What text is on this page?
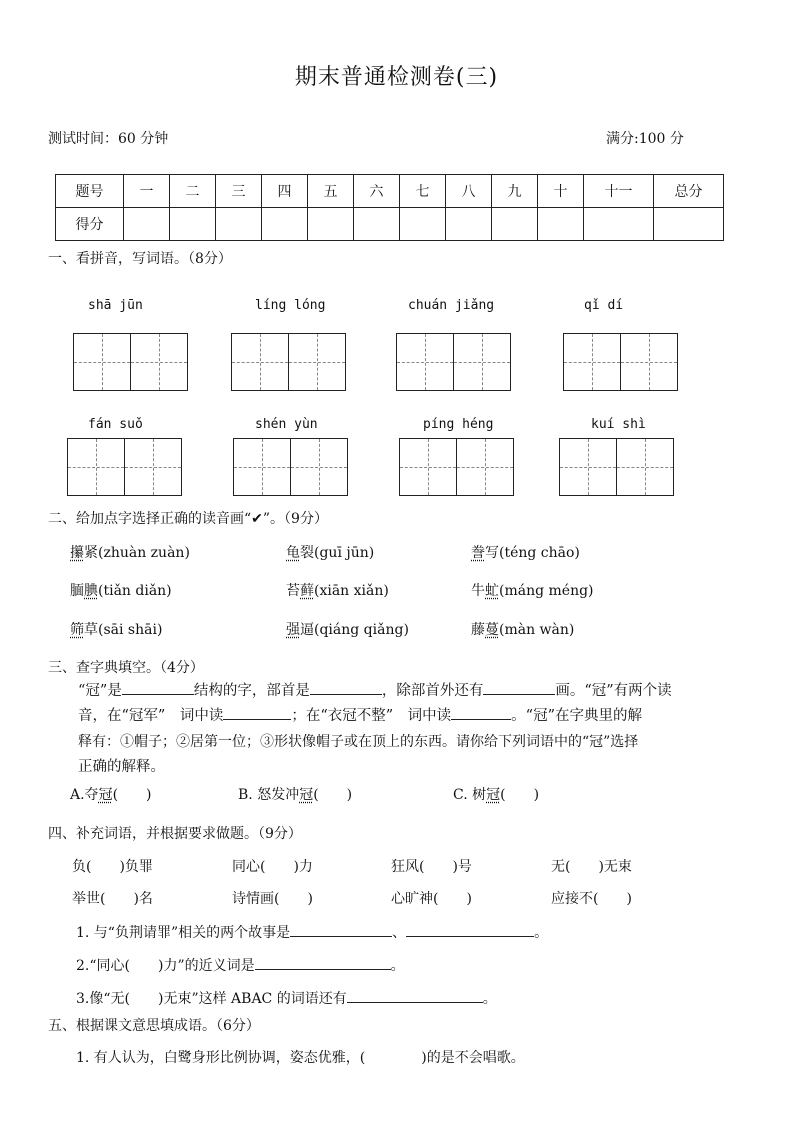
期末普通检测卷(三)
测试时间：60 分钟	满分:100 分
题号	一	二	三	四	五	六	七	八	九	十	十一	总分
得分												
一、看拼音，写词语。（8分）
shā jūn	líng lóng	chuán jiǎng	qǐ dí
fán suǒ	shén yùn	píng héng	kuí shì
二、给加点字选择正确的读音画“✔”。（9分）
攥紧(zhuàn zuàn)	龟裂(guī jūn)	誊写(téng chāo)
腼腆(tiǎn diǎn)	苔藓(xiān xiǎn)	牛虻(máng méng)
筛草(sāi shāi)	强逼(qiáng qiǎng)	藤蔓(màn wàn)
三、查字典填空。（4分）
“冠”是	结构的字，部首是	，除部首外还有	画。“冠”有两个读
音，在“冠军”　词中读	；在“衣冠不整”　词中读	。“冠”在字典里的解
释有：①帽子；②居第一位；③形状像帽子或在顶上的东西。请你给下列词语中的“冠”选择
正确的解释。
A.夺冠(　　)	B. 怒发冲冠(　　)	C. 树冠(　　)
四、补充词语，并根据要求做题。（9分）
负(　　)负罪	同心(　　)力	狂风(　　)号	无(　　)无束
举世(　　)名	诗情画(　　)	心旷神(　　)	应接不(　　)
1. 与“负荆请罪”相关的两个故事是	、	。
2.“同心(　　)力”的近义词是	。
3.像“无(　　)无束”这样 ABAC 的词语还有	。
五、根据课文意思填成语。（6分）
1. 有人认为，白鹭身形比例协调，姿态优雅，(　　　　)的是不会唱歌。
